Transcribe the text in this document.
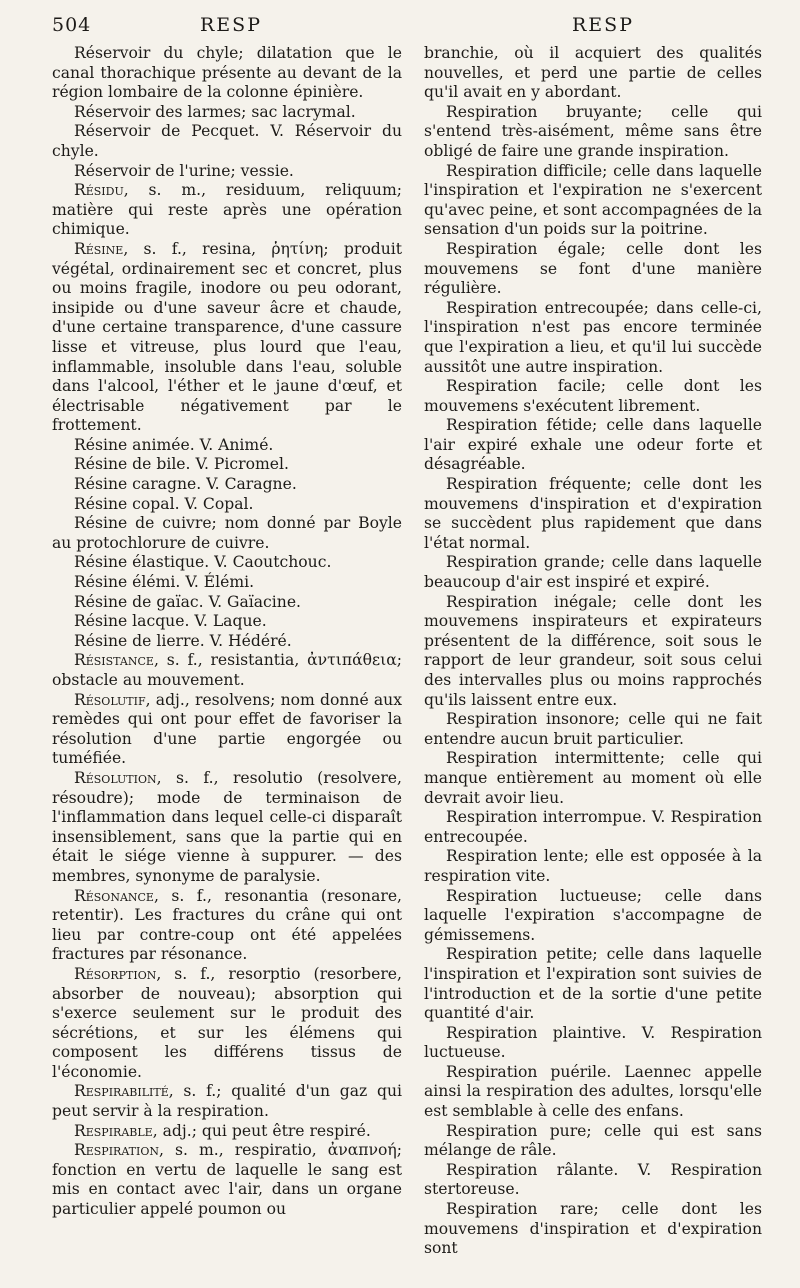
504	RESP	RESP

Réservoir du chyle; dilatation que le canal thorachique présente au devant de la région lombaire de la colonne épinière.

Réservoir des larmes; sac lacrymal.

Réservoir de Pecquet. V. Réservoir du chyle.

Réservoir de l'urine; vessie.

Résidu, s. m., residuum, reliquum; matière qui reste après une opération chimique.

Résine, s. f., resina, ῥητίνη; produit végétal, ordinairement sec et concret, plus ou moins fragile, inodore ou peu odorant, insipide ou d'une saveur âcre et chaude, d'une certaine transparence, d'une cassure lisse et vitreuse, plus lourd que l'eau, inflammable, insoluble dans l'eau, soluble dans l'alcool, l'éther et le jaune d'œuf, et électrisable négativement par le frottement.

Résine animée. V. Animé.

Résine de bile. V. Picromel.

Résine caragne. V. Caragne.

Résine copal. V. Copal.

Résine de cuivre; nom donné par Boyle au protochlorure de cuivre.

Résine élastique. V. Caoutchouc.

Résine élémi. V. Élémi.

Résine de gaïac. V. Gaïacine.

Résine lacque. V. Laque.

Résine de lierre. V. Hédéré.

Résistance, s. f., resistantia, ἀντιπάθεια; obstacle au mouvement.

Résolutif, adj., resolvens; nom donné aux remèdes qui ont pour effet de favoriser la résolution d'une partie engorgée ou tuméfiée.

Résolution, s. f., resolutio (resolvere, résoudre); mode de terminaison de l'inflammation dans lequel celle-ci disparaît insensiblement, sans que la partie qui en était le siége vienne à suppurer. — des membres, synonyme de paralysie.

Résonance, s. f., resonantia (resonare, retentir). Les fractures du crâne qui ont lieu par contre-coup ont été appelées fractures par résonance.

Résorption, s. f., resorptio (resorbere, absorber de nouveau); absorption qui s'exerce seulement sur le produit des sécrétions, et sur les élémens qui composent les différens tissus de l'économie.

Respirabilité, s. f.; qualité d'un gaz qui peut servir à la respiration.

Respirable, adj.; qui peut être respiré.

Respiration, s. m., respiratio, ἀναπνοή; fonction en vertu de laquelle le sang est mis en contact avec l'air, dans un organe particulier appelé poumon ou

branchie, où il acquiert des qualités nouvelles, et perd une partie de celles qu'il avait en y abordant.

Respiration bruyante; celle qui s'entend très-aisément, même sans être obligé de faire une grande inspiration.

Respiration difficile; celle dans laquelle l'inspiration et l'expiration ne s'exercent qu'avec peine, et sont accompagnées de la sensation d'un poids sur la poitrine.

Respiration égale; celle dont les mouvemens se font d'une manière régulière.

Respiration entrecoupée; dans celle-ci, l'inspiration n'est pas encore terminée que l'expiration a lieu, et qu'il lui succède aussitôt une autre inspiration.

Respiration facile; celle dont les mouvemens s'exécutent librement.

Respiration fétide; celle dans laquelle l'air expiré exhale une odeur forte et désagréable.

Respiration fréquente; celle dont les mouvemens d'inspiration et d'expiration se succèdent plus rapidement que dans l'état normal.

Respiration grande; celle dans laquelle beaucoup d'air est inspiré et expiré.

Respiration inégale; celle dont les mouvemens inspirateurs et expirateurs présentent de la différence, soit sous le rapport de leur grandeur, soit sous celui des intervalles plus ou moins rapprochés qu'ils laissent entre eux.

Respiration insonore; celle qui ne fait entendre aucun bruit particulier.

Respiration intermittente; celle qui manque entièrement au moment où elle devrait avoir lieu.

Respiration interrompue. V. Respiration entrecoupée.

Respiration lente; elle est opposée à la respiration vite.

Respiration luctueuse; celle dans laquelle l'expiration s'accompagne de gémissemens.

Respiration petite; celle dans laquelle l'inspiration et l'expiration sont suivies de l'introduction et de la sortie d'une petite quantité d'air.

Respiration plaintive. V. Respiration luctueuse.

Respiration puérile. Laennec appelle ainsi la respiration des adultes, lorsqu'elle est semblable à celle des enfans.

Respiration pure; celle qui est sans mélange de râle.

Respiration râlante. V. Respiration stertoreuse.

Respiration rare; celle dont les mouvemens d'inspiration et d'expiration sont
